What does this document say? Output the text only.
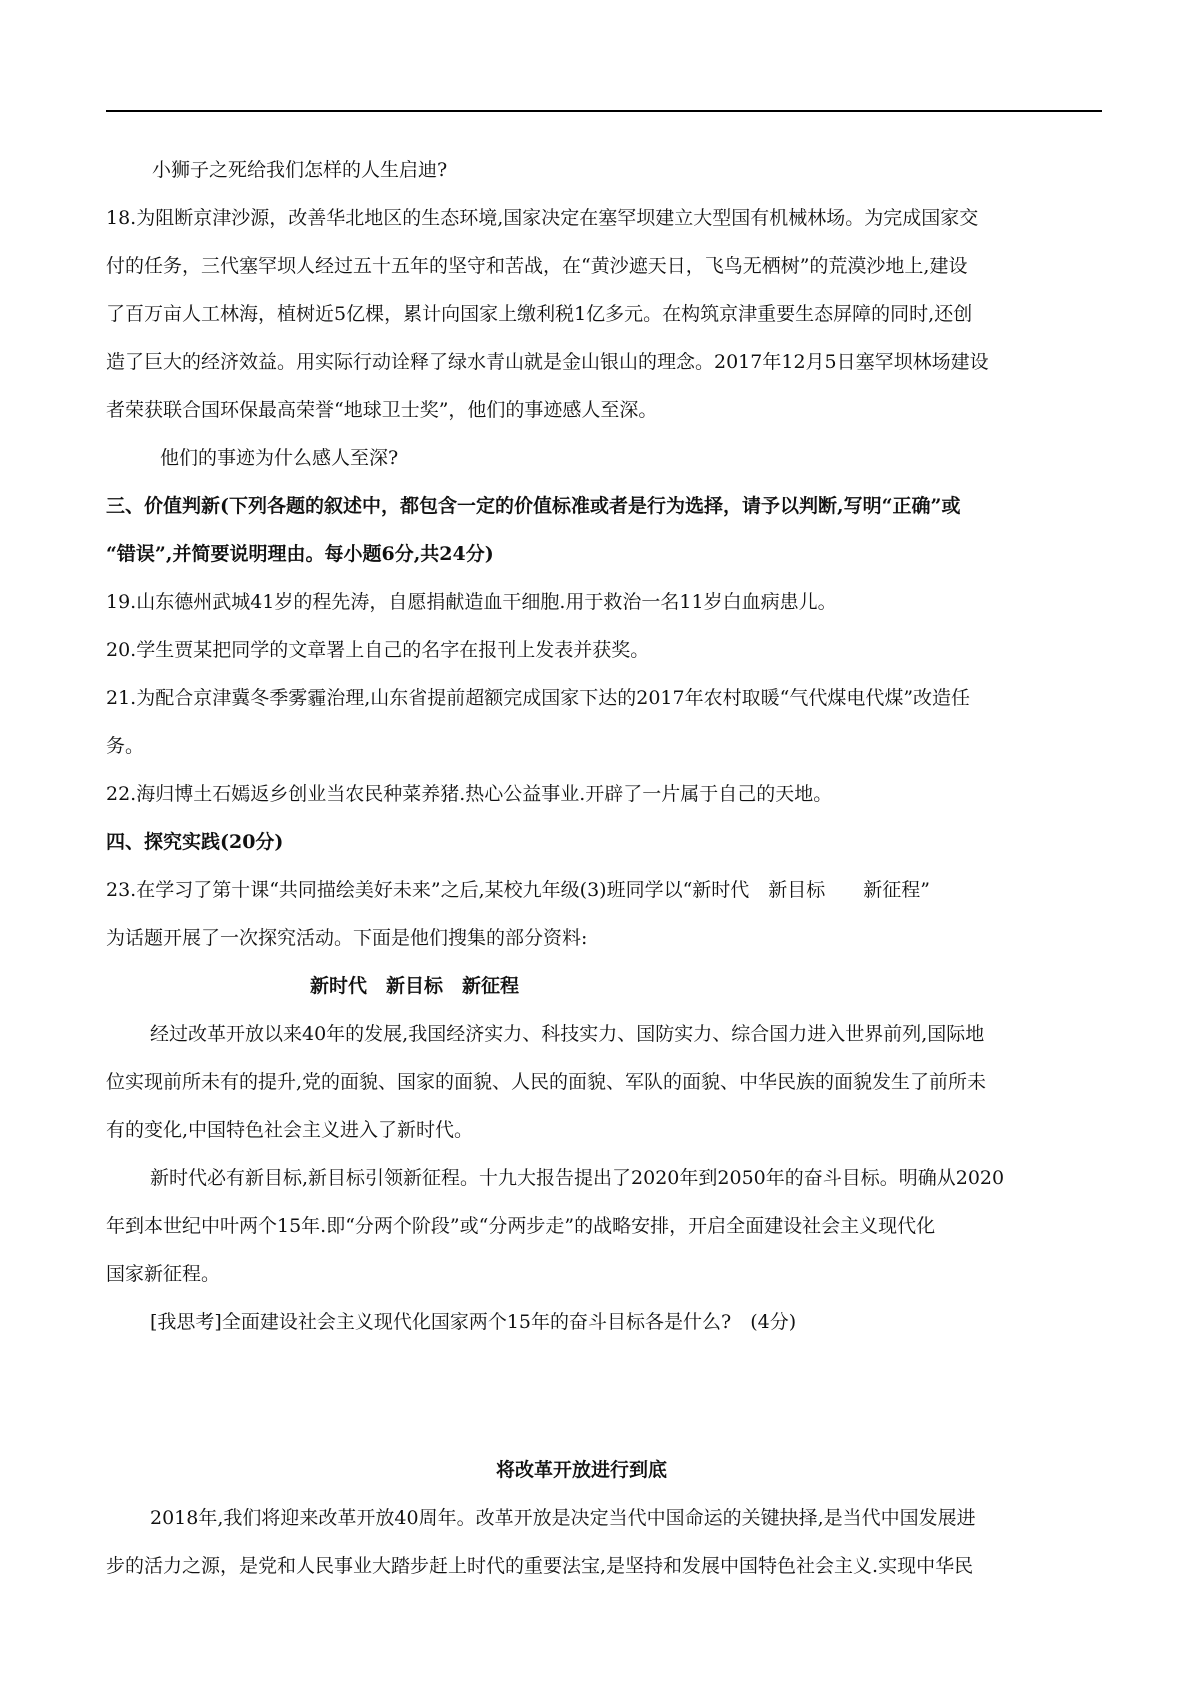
小狮子之死给我们怎样的人生启迪?
18.为阻断京津沙源，改善华北地区的生态环境,国家决定在塞罕坝建立大型国有机械林场。为完成国家交
付的任务，三代塞罕坝人经过五十五年的坚守和苦战，在“黄沙遮天日，飞鸟无栖树”的荒漠沙地上,建设
了百万亩人工林海，植树近5亿棵，累计向国家上缴利税1亿多元。在构筑京津重要生态屏障的同时,还创
造了巨大的经济效益。用实际行动诠释了绿水青山就是金山银山的理念。2017年12月5日塞罕坝林场建设
者荣获联合国环保最高荣誉“地球卫士奖”，他们的事迹感人至深。
他们的事迹为什么感人至深?
三、价值判新(下列各题的叙述中，都包含一定的价值标准或者是行为选择，请予以判断,写明“正确”或
“错误”,并简要说明理由。每小题6分,共24分)
19.山东德州武城41岁的程先涛，自愿捐献造血干细胞.用于救治一名11岁白血病患儿。
20.学生贾某把同学的文章署上自己的名字在报刊上发表并获奖。
21.为配合京津冀冬季雾霾治理,山东省提前超额完成国家下达的2017年农村取暖“气代煤电代煤”改造任
务。
22.海归博土石嫣返乡创业当农民种菜养猪.热心公益事业.开辟了一片属于自己的天地。
四、探究实践(20分)
23.在学习了第十课“共同描绘美好未来”之后,某校九年级(3)班同学以“新时代　新目标　　新征程”
为话题开展了一次探究活动。下面是他们搜集的部分资料:
新时代　新目标　新征程
经过改革开放以来40年的发展,我国经济实力、科技实力、国防实力、综合国力进入世界前列,国际地
位实现前所未有的提升,党的面貌、国家的面貌、人民的面貌、军队的面貌、中华民族的面貌发生了前所未
有的变化,中国特色社会主义进入了新时代。
新时代必有新目标,新目标引领新征程。十九大报告提出了2020年到2050年的奋斗目标。明确从2020
年到本世纪中叶两个15年.即“分两个阶段”或“分两步走”的战略安排，开启全面建设社会主义现代化
国家新征程。
[我思考]全面建设社会主义现代化国家两个15年的奋斗目标各是什么?　(4分)
将改革开放进行到底
2018年,我们将迎来改革开放40周年。改革开放是决定当代中国命运的关键抉择,是当代中国发展进
步的活力之源，是党和人民事业大踏步赶上时代的重要法宝,是坚持和发展中国特色社会主义.实现中华民
